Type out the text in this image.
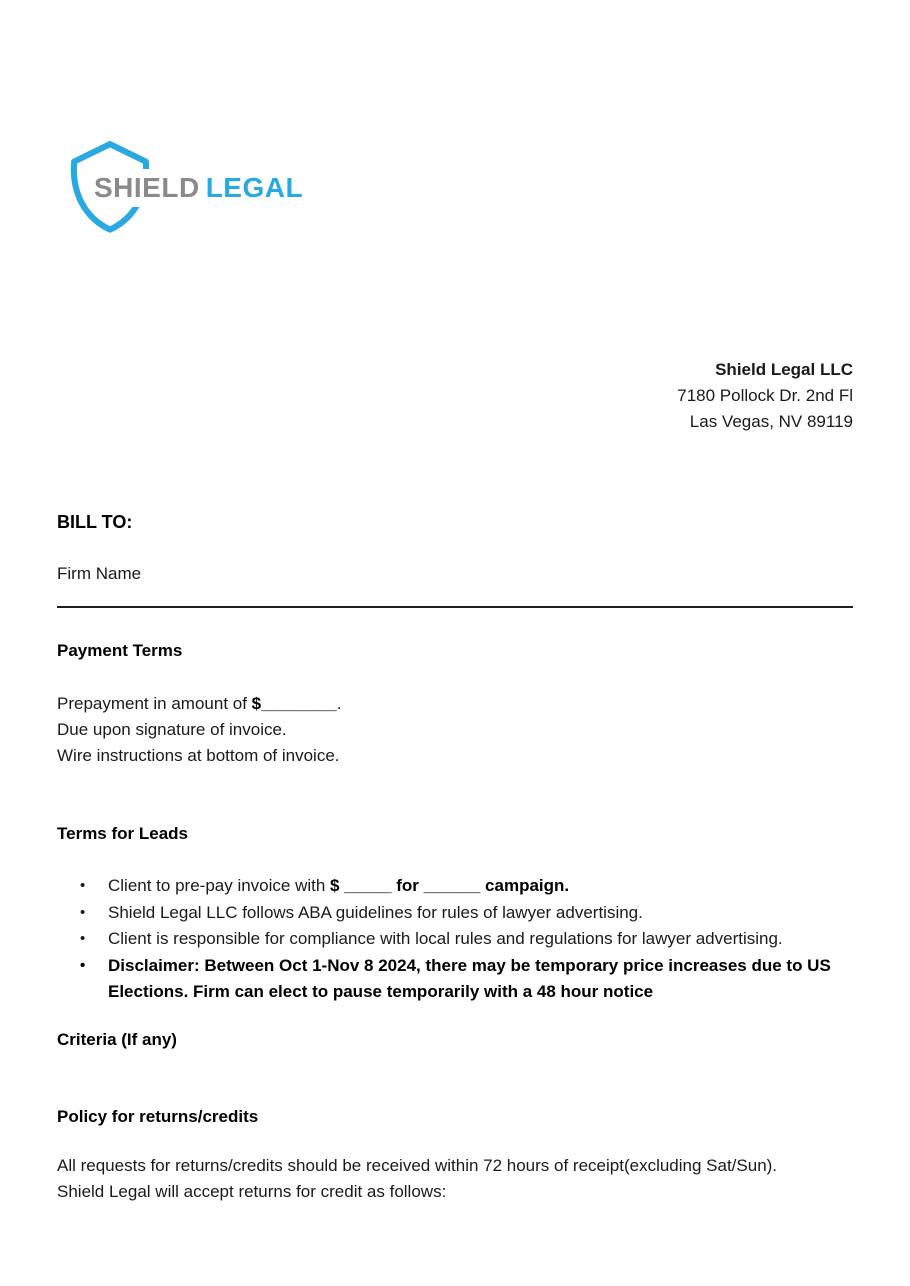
SHIELD LEGAL
Shield Legal LLC
7180 Pollock Dr. 2nd Fl
Las Vegas, NV 89119
BILL TO:
Firm Name
Payment Terms
Prepayment in amount of $________.
Due upon signature of invoice.
Wire instructions at bottom of invoice.
Terms for Leads
• Client to pre-pay invoice with $ _____ for ______ campaign.
• Shield Legal LLC follows ABA guidelines for rules of lawyer advertising.
• Client is responsible for compliance with local rules and regulations for lawyer advertising.
• Disclaimer: Between Oct 1-Nov 8 2024, there may be temporary price increases due to US Elections. Firm can elect to pause temporarily with a 48 hour notice
Criteria (If any)
Policy for returns/credits
All requests for returns/credits should be received within 72 hours of receipt(excluding Sat/Sun).
Shield Legal will accept returns for credit as follows:
